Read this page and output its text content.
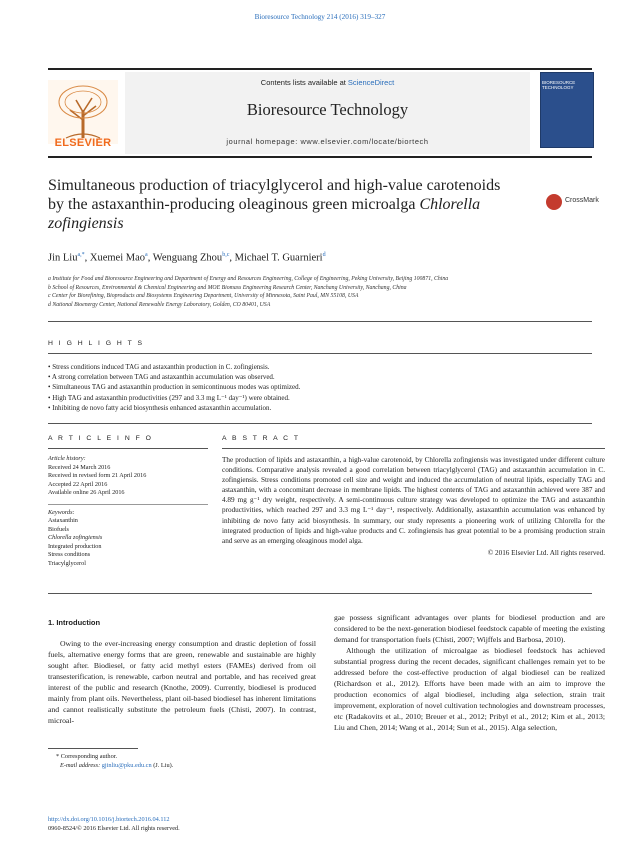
Bioresource Technology 214 (2016) 319–327
ELSEVIER
Contents lists available at ScienceDirect
Bioresource Technology
journal homepage: www.elsevier.com/locate/biortech
BIORESOURCE TECHNOLOGY
Simultaneous production of triacylglycerol and high-value carotenoids
by the astaxanthin-producing oleaginous green microalga Chlorella
zofingiensis
CrossMark
Jin Liu$^{a,*}$, Xuemei Mao$^a$, Wenguang Zhou$^{b,c}$, Michael T. Guarnieri$^d$
a Institute for Food and Bioresource Engineering and Department of Energy and Resources Engineering, College of Engineering, Peking University, Beijing 100871, China
b School of Resources, Environmental & Chemical Engineering and MOE Biomass Engineering Research Center, Nanchang University, Nanchang, China
c Center for Biorefining, Bioproducts and Biosystems Engineering Department, University of Minnesota, Saint Paul, MN 55108, USA
d National Bioenergy Center, National Renewable Energy Laboratory, Golden, CO 80401, USA
H I G H L I G H T S
• Stress conditions induced TAG and astaxanthin production in C. zofingiensis.
• A strong correlation between TAG and astaxanthin accumulation was observed.
• Simultaneous TAG and astaxanthin production in semicontinuous modes was optimized.
• High TAG and astaxanthin productivities (297 and 3.3 mg L⁻¹ day⁻¹) were obtained.
• Inhibiting de novo fatty acid biosynthesis enhanced astaxanthin accumulation.
A R T I C L E I N F O	A B S T R A C T
Article history:
Received 24 March 2016
Received in revised form 21 April 2016
Accepted 22 April 2016
Available online 26 April 2016
Keywords:
Astaxanthin
Biofuels
Chlorella zofingiensis
Integrated production
Stress conditions
Triacylglycerol
The production of lipids and astaxanthin, a high-value carotenoid, by Chlorella zofingiensis was investigated under different culture conditions. Comparative analysis revealed a good correlation between triacylglycerol (TAG) and astaxanthin accumulation in C. zofingiensis. Stress conditions promoted cell size and weight and induced the accumulation of neutral lipids, especially TAG and astaxanthin, with a concomitant decrease in membrane lipids. The highest contents of TAG and astaxanthin achieved were 387 and 4.89 mg g⁻¹ dry weight, respectively. A semi-continuous culture strategy was developed to optimize the TAG and astaxanthin productivities, which reached 297 and 3.3 mg L⁻¹ day⁻¹, respectively. Additionally, astaxanthin accumulation was enhanced by inhibiting de novo fatty acid biosynthesis. In summary, our study represents a pioneering work of utilizing Chlorella for the integrated production of lipids and high-value products and C. zofingiensis has great potential to be a promising production strain and serve as an emerging oleaginous model alga.
© 2016 Elsevier Ltd. All rights reserved.
1. Introduction
Owing to the ever-increasing energy consumption and drastic depletion of fossil fuels, alternative energy forms that are green, renewable and sustainable are highly sought after. Biodiesel, or fatty acid methyl esters (FAMEs) derived from oil transesterification, is renewable, carbon neutral and portable, and has received great interest of the public and research (Knothe, 2009). Currently, biodiesel is produced mainly from plant oils. Nevertheless, plant oil-based biodiesel has inherent limitations and cannot realistically substitute the petroleum fuels (Chisti, 2007). In contrast, microal-
gae possess significant advantages over plants for biodiesel production and are considered to be the next-generation biodiesel feedstock capable of meeting the existing demand for transportation fuels (Chisti, 2007; Wijffels and Barbosa, 2010).
Although the utilization of microalgae as biodiesel feedstock has achieved substantial progress during the recent decades, significant challenges remain yet to be addressed before the cost-effective production of algal biodiesel can be realized (Richardson et al., 2012). Efforts have been made with an aim to improve the production economics of algal biodiesel, including alga selection, strain trait improvement, exploration of novel cultivation technologies and downstream processes, etc (Radakovits et al., 2010; Breuer et al., 2012; Pribyl et al., 2012; Kim et al., 2013; Liu and Chen, 2014; Wang et al., 2014; Sun et al., 2015). Alga selection,
* Corresponding author.
E-mail address: gjinliu@pku.edu.cn (J. Liu).
http://dx.doi.org/10.1016/j.biortech.2016.04.112
0960-8524/© 2016 Elsevier Ltd. All rights reserved.
